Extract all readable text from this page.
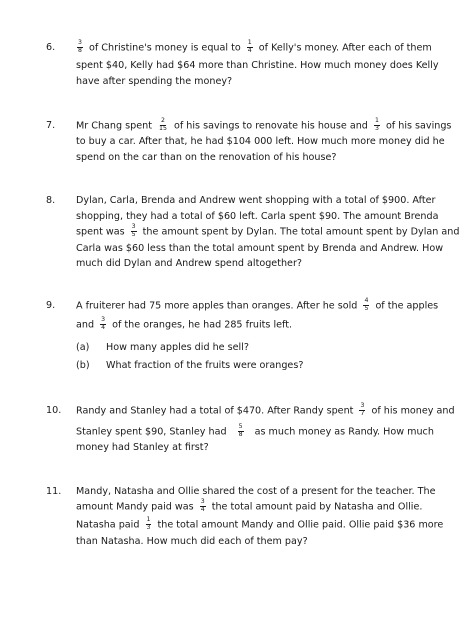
6.	$\frac{3}{8}$ of Christine's money is equal to $\frac{1}{4}$ of Kelly's money. After each of them
spent $40, Kelly had $64 more than Christine. How much money does Kelly
have after spending the money?
7. Mr Chang spent $\frac{2}{15}$ of his savings to renovate his house and $\frac{1}{3}$ of his savings
to buy a car. After that, he had $104 000 left. How much more money did he
spend on the car than on the renovation of his house?
8. Dylan, Carla, Brenda and Andrew went shopping with a total of $900. After
shopping, they had a total of $60 left. Carla spent $90. The amount Brenda
spent was $\frac{3}{5}$ the amount spent by Dylan. The total amount spent by Dylan and
Carla was $60 less than the total amount spent by Brenda and Andrew. How
much did Dylan and Andrew spend altogether?
9. A fruiterer had 75 more apples than oranges. After he sold $\frac{4}{5}$ of the apples
and $\frac{3}{4}$ of the oranges, he had 285 fruits left.
(a) How many apples did he sell?
(b) What fraction of the fruits were oranges?
10. Randy and Stanley had a total of $470. After Randy spent $\frac{3}{7}$ of his money and
Stanley spent $90, Stanley had $\frac{5}{8}$ as much money as Randy. How much
money had Stanley at first?
11. Mandy, Natasha and Ollie shared the cost of a present for the teacher. The
amount Mandy paid was $\frac{3}{4}$ the total amount paid by Natasha and Ollie.
Natasha paid $\frac{1}{3}$ the total amount Mandy and Ollie paid. Ollie paid $36 more
than Natasha. How much did each of them pay?
